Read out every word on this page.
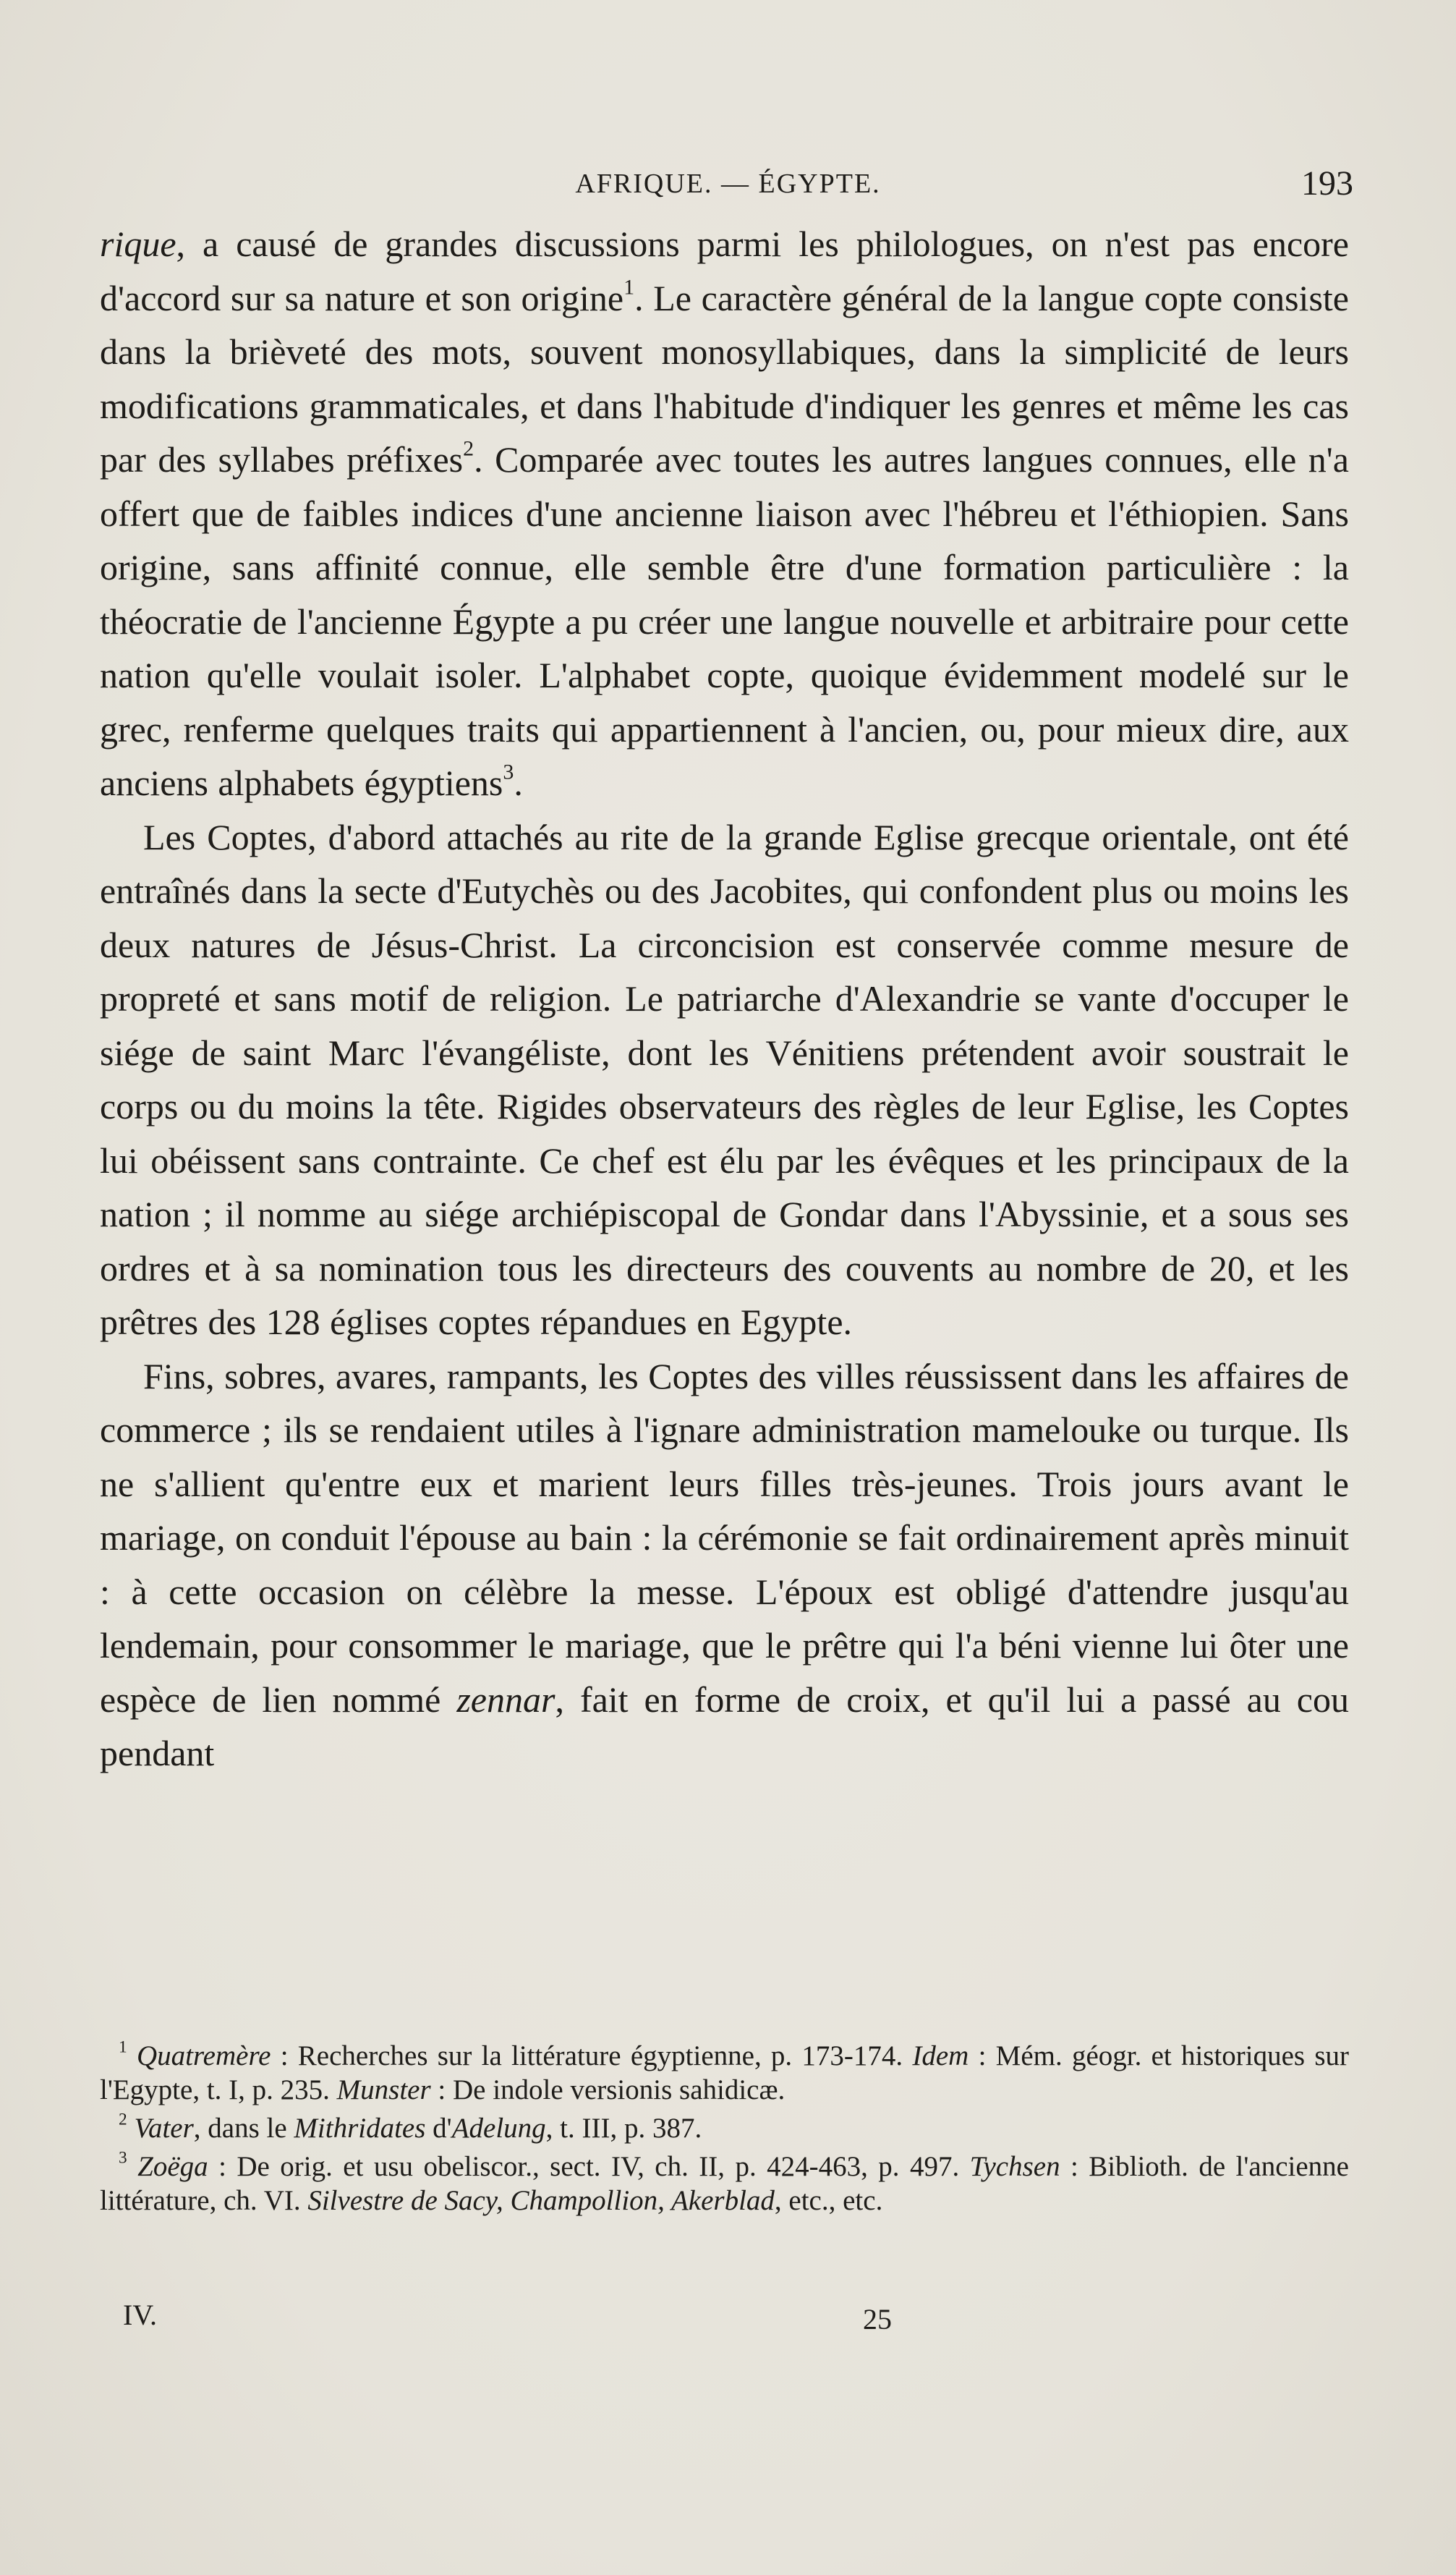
AFRIQUE. — ÉGYPTE.	193

rique, a causé de grandes discussions parmi les philologues, on n'est pas encore d'accord sur sa nature et son origine$^1$. Le caractère général de la langue copte consiste dans la brièveté des mots, souvent monosyllabiques, dans la simplicité de leurs modifications grammaticales, et dans l'habitude d'indiquer les genres et même les cas par des syllabes préfixes$^2$. Comparée avec toutes les autres langues connues, elle n'a offert que de faibles indices d'une ancienne liaison avec l'hébreu et l'éthiopien. Sans origine, sans affinité connue, elle semble être d'une formation particulière : la théocratie de l'ancienne Égypte a pu créer une langue nouvelle et arbitraire pour cette nation qu'elle voulait isoler. L'alphabet copte, quoique évidemment modelé sur le grec, renferme quelques traits qui appartiennent à l'ancien, ou, pour mieux dire, aux anciens alphabets égyptiens$^3$.

Les Coptes, d'abord attachés au rite de la grande Eglise grecque orientale, ont été entraînés dans la secte d'Eutychès ou des Jacobites, qui confondent plus ou moins les deux natures de Jésus-Christ. La circoncision est conservée comme mesure de propreté et sans motif de religion. Le patriarche d'Alexandrie se vante d'occuper le siége de saint Marc l'évangéliste, dont les Vénitiens prétendent avoir soustrait le corps ou du moins la tête. Rigides observateurs des règles de leur Eglise, les Coptes lui obéissent sans contrainte. Ce chef est élu par les évêques et les principaux de la nation ; il nomme au siége archiépiscopal de Gondar dans l'Abyssinie, et a sous ses ordres et à sa nomination tous les directeurs des couvents au nombre de 20, et les prêtres des 128 églises coptes répandues en Egypte.

Fins, sobres, avares, rampants, les Coptes des villes réussissent dans les affaires de commerce ; ils se rendaient utiles à l'ignare administration mamelouke ou turque. Ils ne s'allient qu'entre eux et marient leurs filles très-jeunes. Trois jours avant le mariage, on conduit l'épouse au bain : la cérémonie se fait ordinairement après minuit : à cette occasion on célèbre la messe. L'époux est obligé d'attendre jusqu'au lendemain, pour consommer le mariage, que le prêtre qui l'a béni vienne lui ôter une espèce de lien nommé zennar, fait en forme de croix, et qu'il lui a passé au cou pendant

$^1$ Quatremère : Recherches sur la littérature égyptienne, p. 173-174. Idem : Mém. géogr. et historiques sur l'Egypte, t. I, p. 235. Munster : De indole versionis sahidicæ.

$^2$ Vater, dans le Mithridates d'Adelung, t. III, p. 387.

$^3$ Zoëga : De orig. et usu obeliscor., sect. IV, ch. II, p. 424-463, p. 497. Tychsen : Biblioth. de l'ancienne littérature, ch. VI. Silvestre de Sacy, Champollion, Akerblad, etc., etc.

IV.	25
